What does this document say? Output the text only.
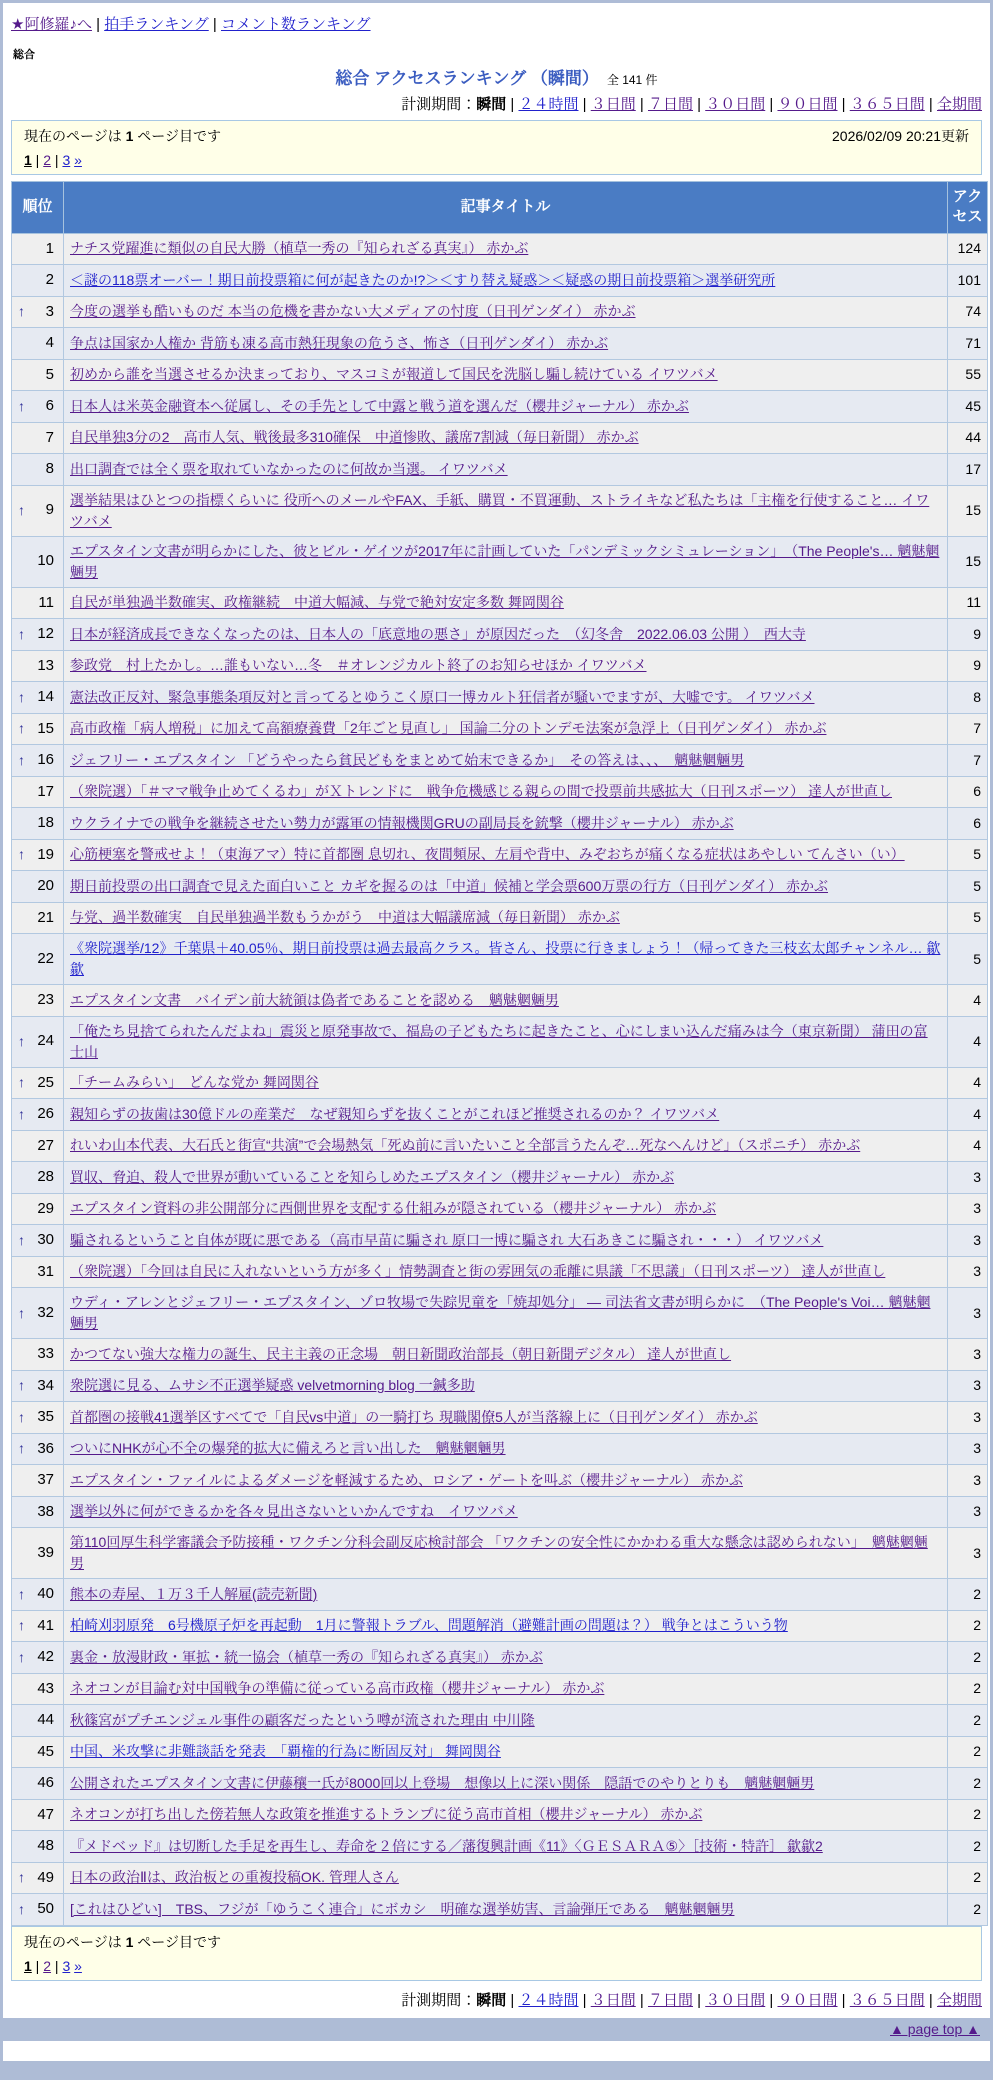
★阿修羅♪へ | 拍手ランキング | コメント数ランキング
総合
総合 アクセスランキング （瞬間） 全 141 件
計測期間：瞬間 | ２４時間 | ３日間 | ７日間 | ３０日間 | ９０日間 | ３６５日間 | 全期間
現在のページは 1 ページ目です	2026/02/09 20:21更新
1 | 2 | 3 »
順位	記事タイトル	アクセス

1	ナチス党躍進に類似の自民大勝（植草一秀の『知られざる真実』） 赤かぶ	124

2	＜謎の118票オーバー！期日前投票箱に何が起きたのか!?＞＜すり替え疑惑＞＜疑惑の期日前投票箱＞選挙研究所	101

↑ 3	今度の選挙も酷いものだ 本当の危機を書かない大メディアの忖度（日刊ゲンダイ） 赤かぶ	74

4	争点は国家か人権か 背筋も凍る高市熱狂現象の危うさ、怖さ（日刊ゲンダイ） 赤かぶ	71

5	初めから誰を当選させるか決まっており、マスコミが報道して国民を洗脳し騙し続けている イワツバメ	55

↑ 6	日本人は米英金融資本へ従属し、その手先として中露と戦う道を選んだ（櫻井ジャーナル） 赤かぶ	45

7	自民単独3分の2　高市人気、戦後最多310確保　中道惨敗、議席7割減（毎日新聞） 赤かぶ	44

8	出口調査では全く票を取れていなかったのに何故か当選。 イワツバメ	17

↑ 9	選挙結果はひとつの指標くらいに 役所へのメールやFAX、手紙、購買・不買運動、ストライキなど私たちは「主権を行使すること… イワツバメ	15

10	エプスタイン文書が明らかにした、彼とビル・ゲイツが2017年に計画していた「パンデミックシミュレーション」　（The People's… 魑魅魍魎男	15

11	自民が単独過半数確実、政権継続　中道大幅減、与党で絶対安定多数 舞岡関谷	11

↑ 12	日本が経済成長できなくなったのは、日本人の「底意地の悪さ」が原因だった　（幻冬舎　2022.06.03 公開 ）　西大寺	9

13	参政党　村上たかし。…誰もいない…冬　＃オレンジカルト終了のお知らせほか イワツバメ	9

↑ 14	憲法改正反対、緊急事態条項反対と言ってるとゆうこく原口一博カルト狂信者が騒いでますが、大嘘です。 イワツバメ	8

↑ 15	高市政権「病人増税」に加えて高額療養費「2年ごと見直し」 国論二分のトンデモ法案が急浮上（日刊ゲンダイ） 赤かぶ	7

↑ 16	ジェフリー・エプスタイン 「どうやったら貧民どもをまとめて始末できるか」　その答えは、、、　魑魅魍魎男	7

17	（衆院選）「＃ママ戦争止めてくるわ」がＸトレンドに　戦争危機感じる親らの間で投票前共感拡大（日刊スポーツ） 達人が世直し	6

18	ウクライナでの戦争を継続させたい勢力が露軍の情報機関GRUの副局長を銃撃（櫻井ジャーナル） 赤かぶ	6

↑ 19	心筋梗塞を警戒せよ！（東海アマ）特に首都圏 息切れ、夜間頻尿、左肩や背中、みぞおちが痛くなる症状はあやしい てんさい（い）	5

20	期日前投票の出口調査で見えた面白いこと カギを握るのは「中道」候補と学会票600万票の行方（日刊ゲンダイ） 赤かぶ	5

21	与党、過半数確実　自民単独過半数もうかがう　中道は大幅議席減（毎日新聞） 赤かぶ	5

22	《衆院選挙/12》千葉県＋40.05％、期日前投票は過去最高クラス。皆さん、投票に行きましょう！（帰ってきた三枝玄太郎チャンネル… 歙歙	5

23	エプスタイン文書　バイデン前大統領は偽者であることを認める　魑魅魍魎男	4

↑ 24	「俺たち見捨てられたんだよね」震災と原発事故で、福島の子どもたちに起きたこと、心にしまい込んだ痛みは今（東京新聞） 蒲田の富士山	4

↑ 25	「チームみらい」　どんな党か 舞岡関谷	4

↑ 26	親知らずの抜歯は30億ドルの産業だ　なぜ親知らずを抜くことがこれほど推奨されるのか？ イワツバメ	4

27	れいわ山本代表、大石氏と街宣“共演”で会場熱気「死ぬ前に言いたいこと全部言うたんぞ…死なへんけど」（スポニチ） 赤かぶ	4

28	買収、脅迫、殺人で世界が動いていることを知らしめたエプスタイン（櫻井ジャーナル） 赤かぶ	3

29	エプスタイン資料の非公開部分に西側世界を支配する仕組みが隠されている（櫻井ジャーナル） 赤かぶ	3

↑ 30	騙されるということ自体が既に悪である（高市早苗に騙され 原口一博に騙され 大石あきこに騙され・・・） イワツバメ	3

31	（衆院選）「今回は自民に入れないという方が多く」情勢調査と街の雰囲気の乖離に県議「不思議」（日刊スポーツ） 達人が世直し	3

↑ 32	ウディ・アレンとジェフリー・エプスタイン、ゾロ牧場で失踪児童を「焼却処分」 — 司法省文書が明らかに　（The People's Voi… 魑魅魍魎男	3

33	かつてない強大な権力の誕生、民主主義の正念場　朝日新聞政治部長（朝日新聞デジタル） 達人が世直し	3

↑ 34	衆院選に見る、ムサシ不正選挙疑惑 velvetmorning blog 一鍼多助	3

↑ 35	首都圏の接戦41選挙区すべてで「自民vs中道」の一騎打ち 現職閣僚5人が当落線上に（日刊ゲンダイ） 赤かぶ	3

↑ 36	ついにNHKが心不全の爆発的拡大に備えろと言い出した　魑魅魍魎男	3

37	エプスタイン・ファイルによるダメージを軽減するため、ロシア・ゲートを叫ぶ（櫻井ジャーナル） 赤かぶ	3

38	選挙以外に何ができるかを各々見出さないといかんですね　イワツバメ	3

39	第110回厚生科学審議会予防接種・ワクチン分科会副反応検討部会 「ワクチンの安全性にかかわる重大な懸念は認められない」　魑魅魍魎男	3

↑ 40	熊本の寿屋、１万３千人解雇(読売新聞)	2

↑ 41	柏崎刈羽原発　6号機原子炉を再起動　1月に警報トラブル、問題解消（避難計画の問題は？） 戦争とはこういう物	2

↑ 42	裏金・放漫財政・軍拡・統一協会（植草一秀の『知られざる真実』） 赤かぶ	2

43	ネオコンが目論む対中国戦争の準備に従っている高市政権（櫻井ジャーナル） 赤かぶ	2

44	秋篠宮がプチエンジェル事件の顧客だったという噂が流された理由 中川隆	2

45	中国、米攻撃に非難談話を発表　「覇権的行為に断固反対」 舞岡関谷	2

46	公開されたエプスタイン文書に伊藤穰一氏が8000回以上登場　想像以上に深い関係　隠語でのやりとりも　魑魅魍魎男	2

47	ネオコンが打ち出した傍若無人な政策を推進するトランプに従う高市首相（櫻井ジャーナル） 赤かぶ	2

48	『メドベッド』は切断した手足を再生し、寿命を２倍にする／藩復興計画《11》〈ＧＥＳＡＲＡ⑤〉［技術・特許］ 歙歙2	2

↑ 49	日本の政治Ⅱは、政治板との重複投稿OK. 管理人さん	2

↑ 50	[これはひどい]　TBS、フジが「ゆうこく連合」にボカシ　明確な選挙妨害、言論弾圧である　魑魅魍魎男	2
現在のページは 1 ページ目です
1 | 2 | 3 »
計測期間：瞬間 | ２４時間 | ３日間 | ７日間 | ３０日間 | ９０日間 | ３６５日間 | 全期間
▲ page top ▲
